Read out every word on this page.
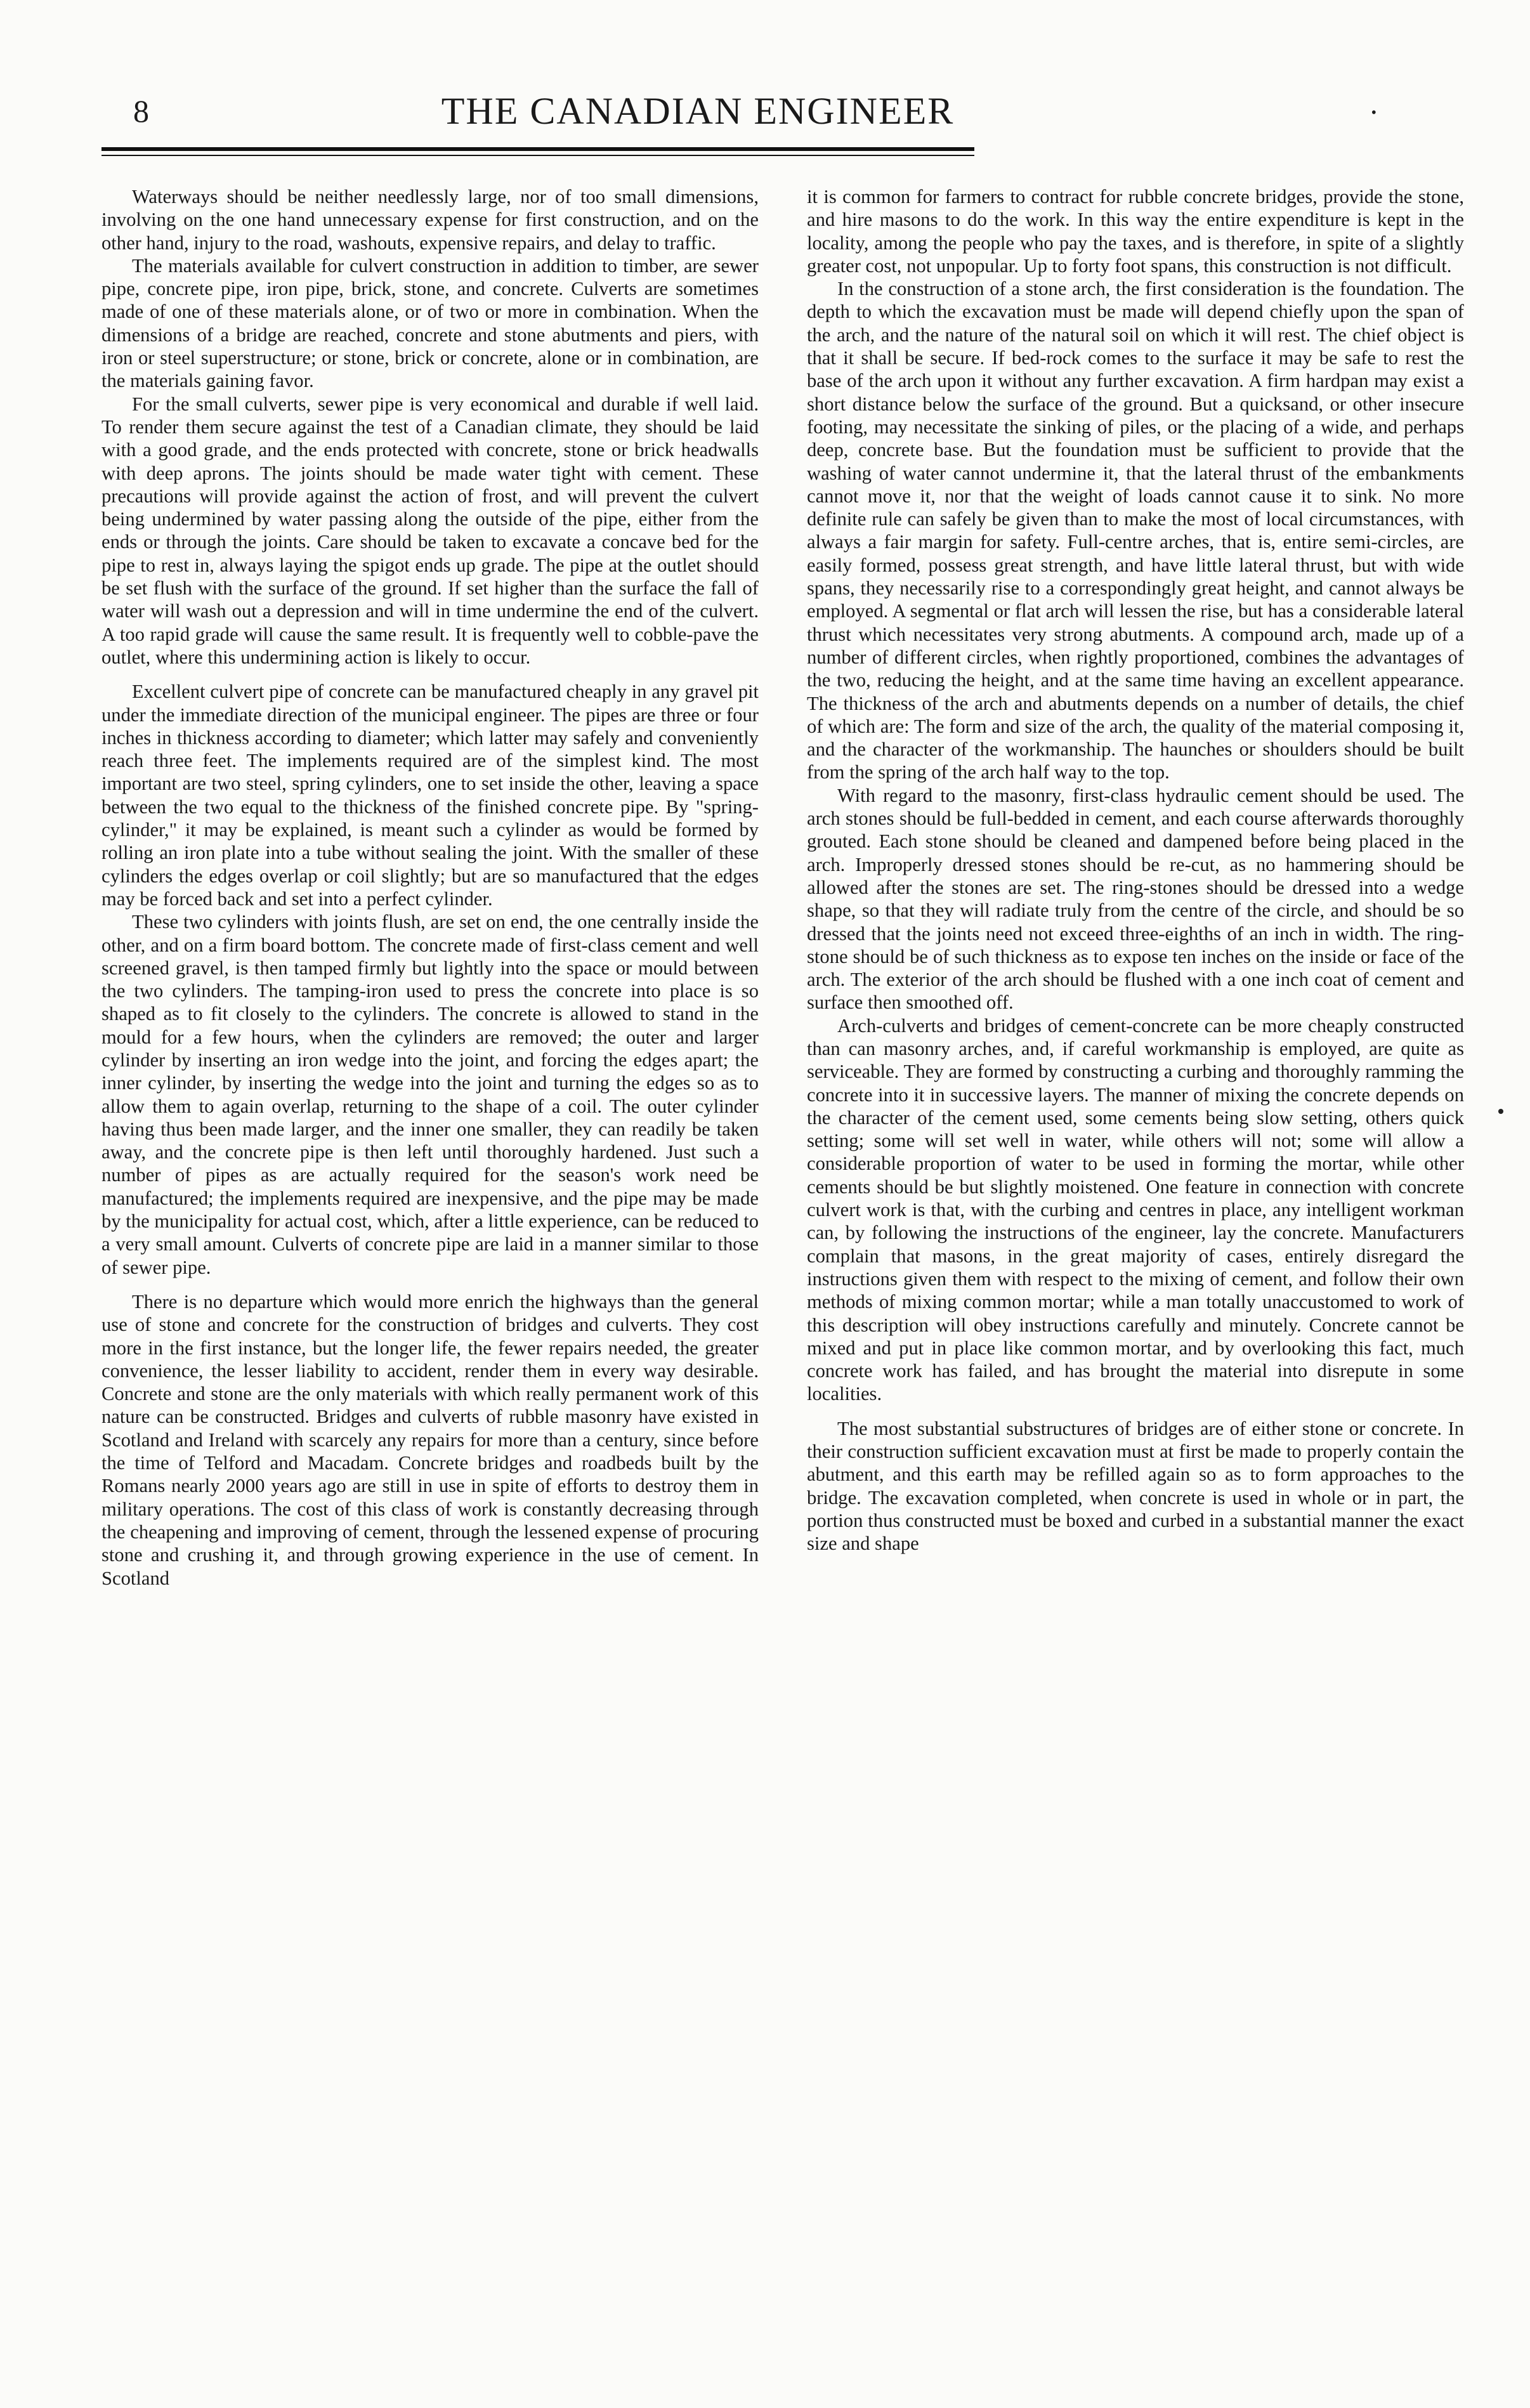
8	THE CANADIAN ENGINEER	•

Waterways should be neither needlessly large, nor of too small dimensions, involving on the one hand unnecessary expense for first construction, and on the other hand, injury to the road, washouts, expensive repairs, and delay to traffic.

The materials available for culvert construction in addition to timber, are sewer pipe, concrete pipe, iron pipe, brick, stone, and concrete. Culverts are sometimes made of one of these materials alone, or of two or more in combination. When the dimensions of a bridge are reached, concrete and stone abutments and piers, with iron or steel superstructure; or stone, brick or concrete, alone or in combination, are the materials gaining favor.

For the small culverts, sewer pipe is very economical and durable if well laid. To render them secure against the test of a Canadian climate, they should be laid with a good grade, and the ends protected with concrete, stone or brick headwalls with deep aprons. The joints should be made water tight with cement. These precautions will provide against the action of frost, and will prevent the culvert being undermined by water passing along the outside of the pipe, either from the ends or through the joints. Care should be taken to excavate a concave bed for the pipe to rest in, always laying the spigot ends up grade. The pipe at the outlet should be set flush with the surface of the ground. If set higher than the surface the fall of water will wash out a depression and will in time undermine the end of the culvert. A too rapid grade will cause the same result. It is frequently well to cobble-pave the outlet, where this undermining action is likely to occur.

Excellent culvert pipe of concrete can be manufactured cheaply in any gravel pit under the immediate direction of the municipal engineer. The pipes are three or four inches in thickness according to diameter; which latter may safely and conveniently reach three feet. The implements required are of the simplest kind. The most important are two steel, spring cylinders, one to set inside the other, leaving a space between the two equal to the thickness of the finished concrete pipe. By "spring-cylinder," it may be explained, is meant such a cylinder as would be formed by rolling an iron plate into a tube without sealing the joint. With the smaller of these cylinders the edges overlap or coil slightly; but are so manufactured that the edges may be forced back and set into a perfect cylinder.

These two cylinders with joints flush, are set on end, the one centrally inside the other, and on a firm board bottom. The concrete made of first-class cement and well screened gravel, is then tamped firmly but lightly into the space or mould between the two cylinders. The tamping-iron used to press the concrete into place is so shaped as to fit closely to the cylinders. The concrete is allowed to stand in the mould for a few hours, when the cylinders are removed; the outer and larger cylinder by inserting an iron wedge into the joint, and forcing the edges apart; the inner cylinder, by inserting the wedge into the joint and turning the edges so as to allow them to again overlap, returning to the shape of a coil. The outer cylinder having thus been made larger, and the inner one smaller, they can readily be taken away, and the concrete pipe is then left until thoroughly hardened. Just such a number of pipes as are actually required for the season's work need be manufactured; the implements required are inexpensive, and the pipe may be made by the municipality for actual cost, which, after a little experience, can be reduced to a very small amount. Culverts of concrete pipe are laid in a manner similar to those of sewer pipe.

There is no departure which would more enrich the highways than the general use of stone and concrete for the construction of bridges and culverts. They cost more in the first instance, but the longer life, the fewer repairs needed, the greater convenience, the lesser liability to accident, render them in every way desirable. Concrete and stone are the only materials with which really permanent work of this nature can be constructed. Bridges and culverts of rubble masonry have existed in Scotland and Ireland with scarcely any repairs for more than a century, since before the time of Telford and Macadam. Concrete bridges and roadbeds built by the Romans nearly 2000 years ago are still in use in spite of efforts to destroy them in military operations. The cost of this class of work is constantly decreasing through the cheapening and improving of cement, through the lessened expense of procuring stone and crushing it, and through growing experience in the use of cement. In Scotland

it is common for farmers to contract for rubble concrete bridges, provide the stone, and hire masons to do the work. In this way the entire expenditure is kept in the locality, among the people who pay the taxes, and is therefore, in spite of a slightly greater cost, not unpopular. Up to forty foot spans, this construction is not difficult.

In the construction of a stone arch, the first consideration is the foundation. The depth to which the excavation must be made will depend chiefly upon the span of the arch, and the nature of the natural soil on which it will rest. The chief object is that it shall be secure. If bed-rock comes to the surface it may be safe to rest the base of the arch upon it without any further excavation. A firm hardpan may exist a short distance below the surface of the ground. But a quicksand, or other insecure footing, may necessitate the sinking of piles, or the placing of a wide, and perhaps deep, concrete base. But the foundation must be sufficient to provide that the washing of water cannot undermine it, that the lateral thrust of the embankments cannot move it, nor that the weight of loads cannot cause it to sink. No more definite rule can safely be given than to make the most of local circumstances, with always a fair margin for safety. Full-centre arches, that is, entire semi-circles, are easily formed, possess great strength, and have little lateral thrust, but with wide spans, they necessarily rise to a correspondingly great height, and cannot always be employed. A segmental or flat arch will lessen the rise, but has a considerable lateral thrust which necessitates very strong abutments. A compound arch, made up of a number of different circles, when rightly proportioned, combines the advantages of the two, reducing the height, and at the same time having an excellent appearance. The thickness of the arch and abutments depends on a number of details, the chief of which are: The form and size of the arch, the quality of the material composing it, and the character of the workmanship. The haunches or shoulders should be built from the spring of the arch half way to the top.

With regard to the masonry, first-class hydraulic cement should be used. The arch stones should be full-bedded in cement, and each course afterwards thoroughly grouted. Each stone should be cleaned and dampened before being placed in the arch. Improperly dressed stones should be re-cut, as no hammering should be allowed after the stones are set. The ring-stones should be dressed into a wedge shape, so that they will radiate truly from the centre of the circle, and should be so dressed that the joints need not exceed three-eighths of an inch in width. The ring-stone should be of such thickness as to expose ten inches on the inside or face of the arch. The exterior of the arch should be flushed with a one inch coat of cement and surface then smoothed off.

Arch-culverts and bridges of cement-concrete can be more cheaply constructed than can masonry arches, and, if careful workmanship is employed, are quite as serviceable. They are formed by constructing a curbing and thoroughly ramming the concrete into it in successive layers. The manner of mixing the concrete depends on the character of the cement used, some cements being slow setting, others quick setting; some will set well in water, while others will not; some will allow a considerable proportion of water to be used in forming the mortar, while other cements should be but slightly moistened. One feature in connection with concrete culvert work is that, with the curbing and centres in place, any intelligent workman can, by following the instructions of the engineer, lay the concrete. Manufacturers complain that masons, in the great majority of cases, entirely disregard the instructions given them with respect to the mixing of cement, and follow their own methods of mixing common mortar; while a man totally unaccustomed to work of this description will obey instructions carefully and minutely. Concrete cannot be mixed and put in place like common mortar, and by overlooking this fact, much concrete work has failed, and has brought the material into disrepute in some localities.

The most substantial substructures of bridges are of either stone or concrete. In their construction sufficient excavation must at first be made to properly contain the abutment, and this earth may be refilled again so as to form approaches to the bridge. The excavation completed, when concrete is used in whole or in part, the portion thus constructed must be boxed and curbed in a substantial manner the exact size and shape
